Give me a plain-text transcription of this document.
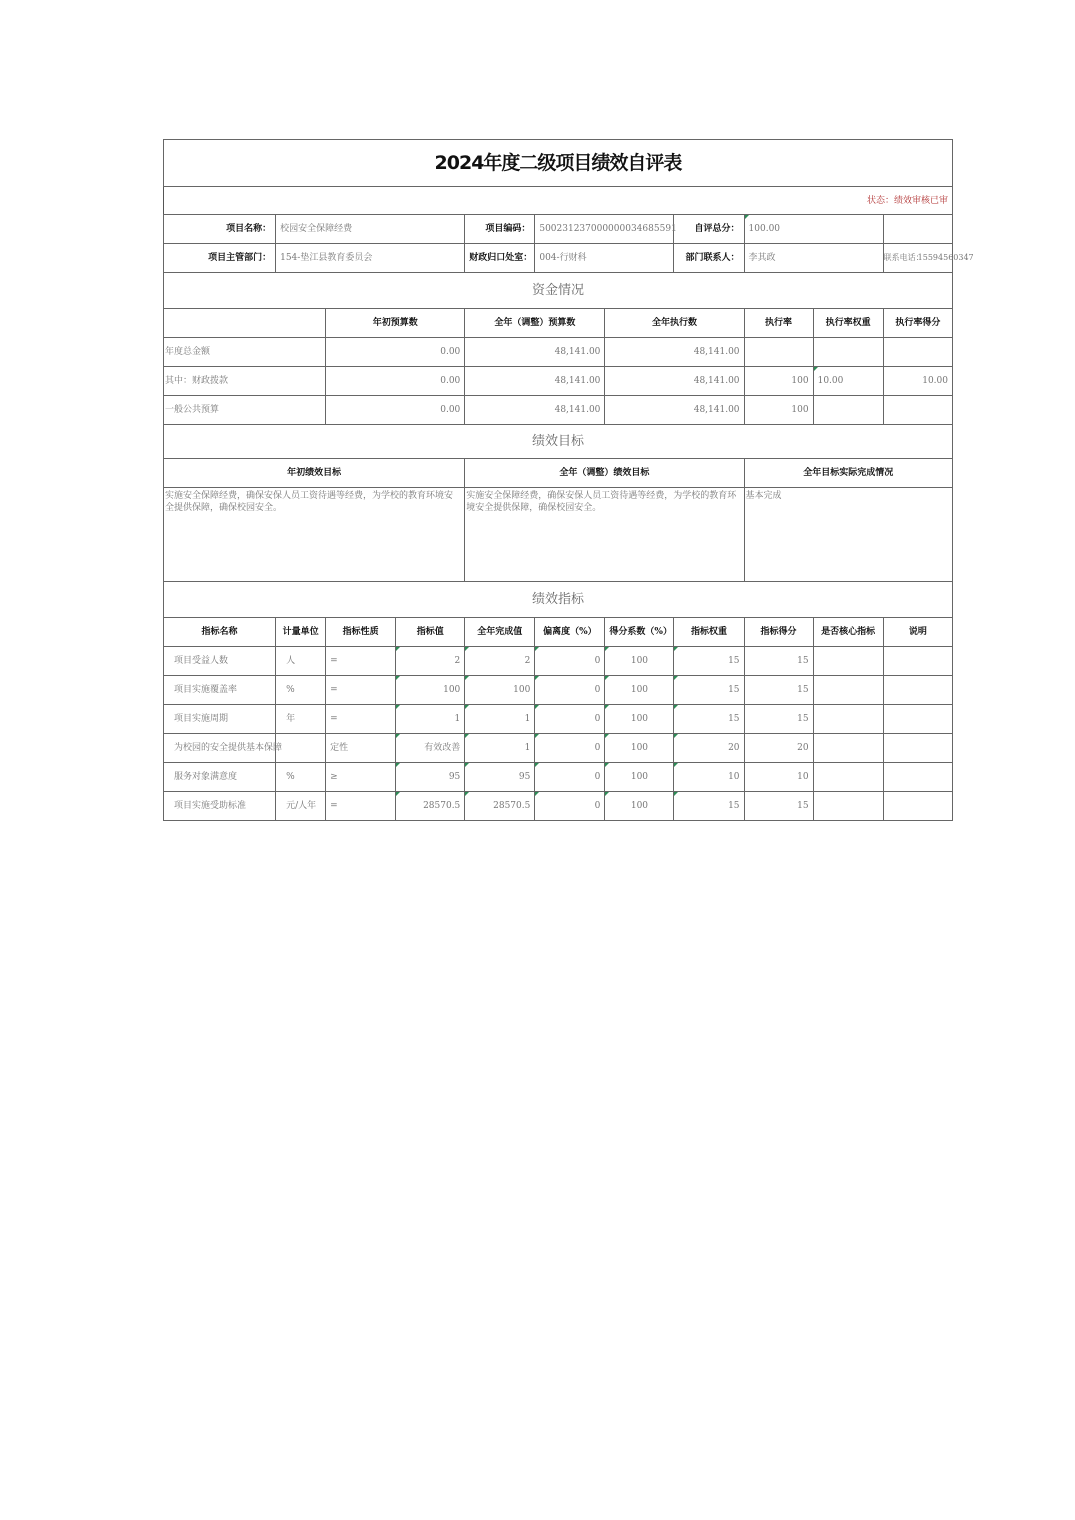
2024年度二级项目绩效自评表										
状态：绩效审核已审										
项目名称：	校园安全保障经费			项目编码：	500231237000000034685591		自评总分：	100.00		
项目主管部门：	154-垫江县教育委员会			财政归口处室：	004-行财科		部门联系人：	李其政		联系电话：15594560347
资金情况										
		年初预算数		全年（调整）预算数		全年执行数		执行率	执行率权重	执行率得分
年度总金额		0.00		48,141.00		48,141.00				
其中：财政拨款		0.00		48,141.00		48,141.00		100	10.00	10.00
一般公共预算		0.00		48,141.00		48,141.00		100		
绩效目标										
年初绩效目标				全年（调整）绩效目标				全年目标实际完成情况		
实施安全保障经费，确保安保人员工资待遇等经费，为学校的教育环境安全提供保障，确保校园安全。				实施安全保障经费，确保安保人员工资待遇等经费，为学校的教育环境安全提供保障，确保校园安全。				基本完成		
绩效指标										
指标名称	计量单位	指标性质	指标值	全年完成值	偏离度（%）	得分系数（%）	指标权重	指标得分	是否核心指标	说明
项目受益人数	人	=	2	2	0	100	15	15		
项目实施覆盖率	%	=	100	100	0	100	15	15		
项目实施周期	年	=	1	1	0	100	15	15		
为校园的安全提供基本保障		定性	有效改善	1	0	100	20	20		
服务对象满意度	%	≥	95	95	0	100	10	10		
项目实施受助标准	元/人年	=	28570.5	28570.5	0	100	15	15		
